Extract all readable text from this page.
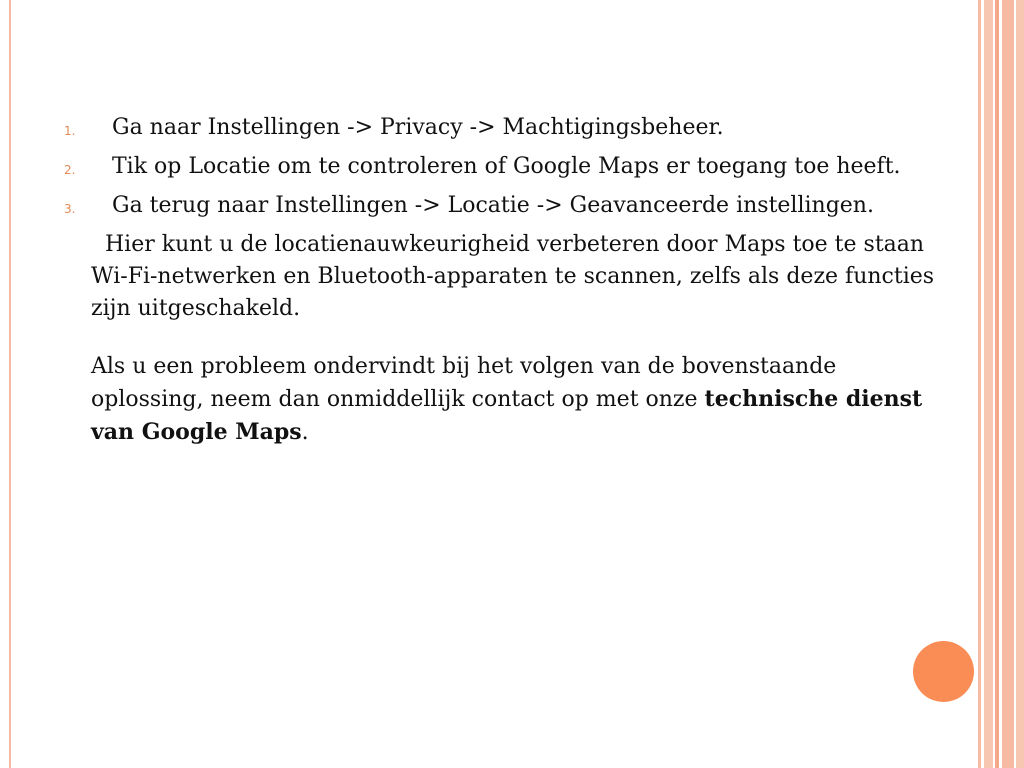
1.	Ga naar Instellingen -> Privacy -> Machtigingsbeheer.
2.	Tik op Locatie om te controleren of Google Maps er toegang toe heeft.
3.	Ga terug naar Instellingen -> Locatie -> Geavanceerde instellingen.

Hier kunt u de locatienauwkeurigheid verbeteren door Maps toe te staan Wi-Fi-netwerken en Bluetooth-apparaten te scannen, zelfs als deze functies zijn uitgeschakeld.

Als u een probleem ondervindt bij het volgen van de bovenstaande oplossing, neem dan onmiddellijk contact op met onze technische dienst van Google Maps.
